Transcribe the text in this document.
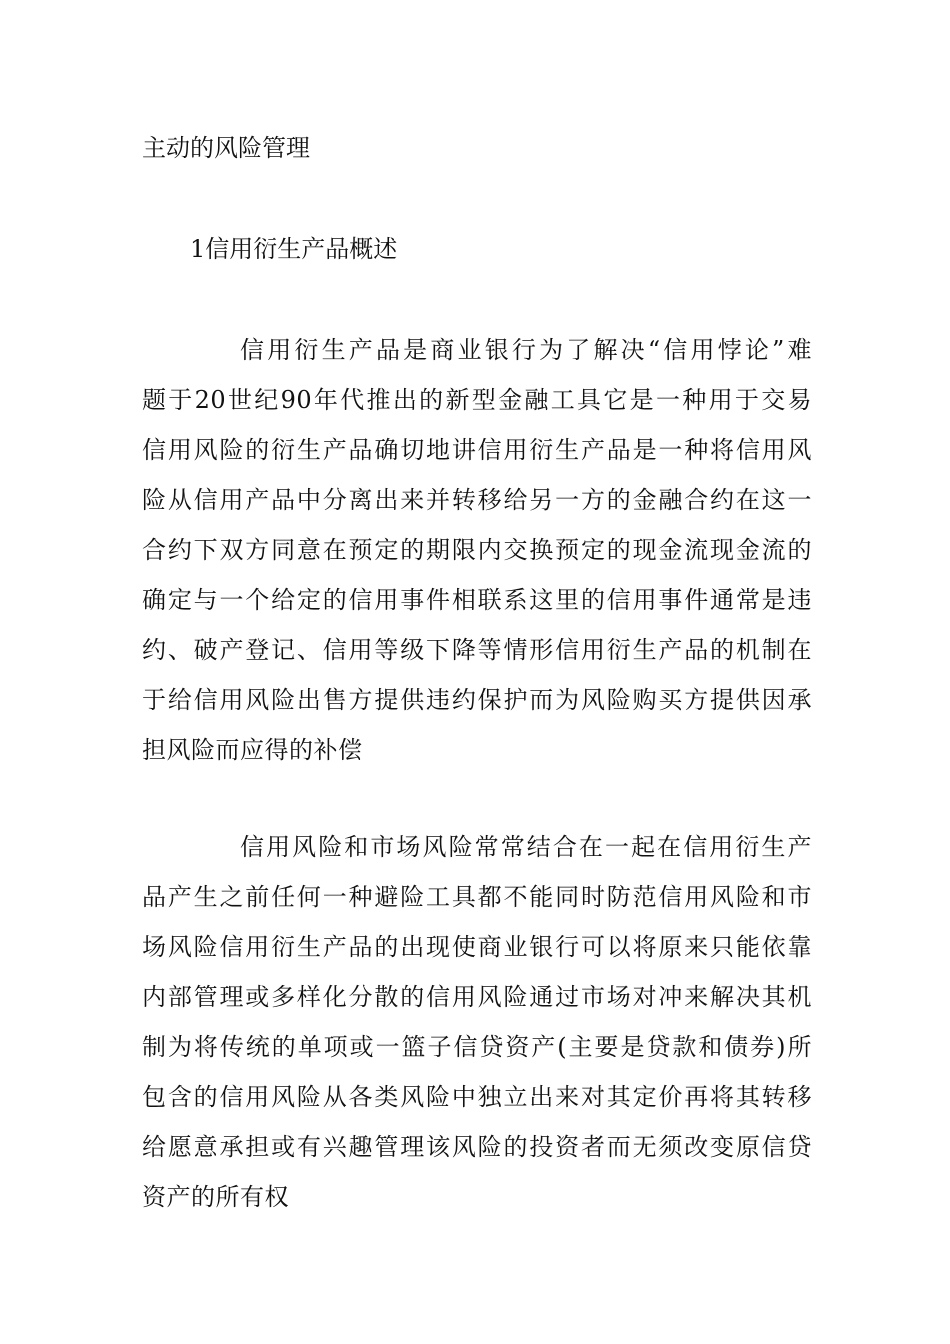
主动的风险管理
1信用衍生产品概述
信用衍生产品是商业银行为了解决“信用悖论”难
题于20世纪90年代推出的新型金融工具它是一种用于交易
信用风险的衍生产品确切地讲信用衍生产品是一种将信用风
险从信用产品中分离出来并转移给另一方的金融合约在这一
合约下双方同意在预定的期限内交换预定的现金流现金流的
确定与一个给定的信用事件相联系这里的信用事件通常是违
约、破产登记、信用等级下降等情形信用衍生产品的机制在
于给信用风险出售方提供违约保护而为风险购买方提供因承
担风险而应得的补偿
信用风险和市场风险常常结合在一起在信用衍生产
品产生之前任何一种避险工具都不能同时防范信用风险和市
场风险信用衍生产品的出现使商业银行可以将原来只能依靠
内部管理或多样化分散的信用风险通过市场对冲来解决其机
制为将传统的单项或一篮子信贷资产(主要是贷款和债券)所
包含的信用风险从各类风险中独立出来对其定价再将其转移
给愿意承担或有兴趣管理该风险的投资者而无须改变原信贷
资产的所有权
